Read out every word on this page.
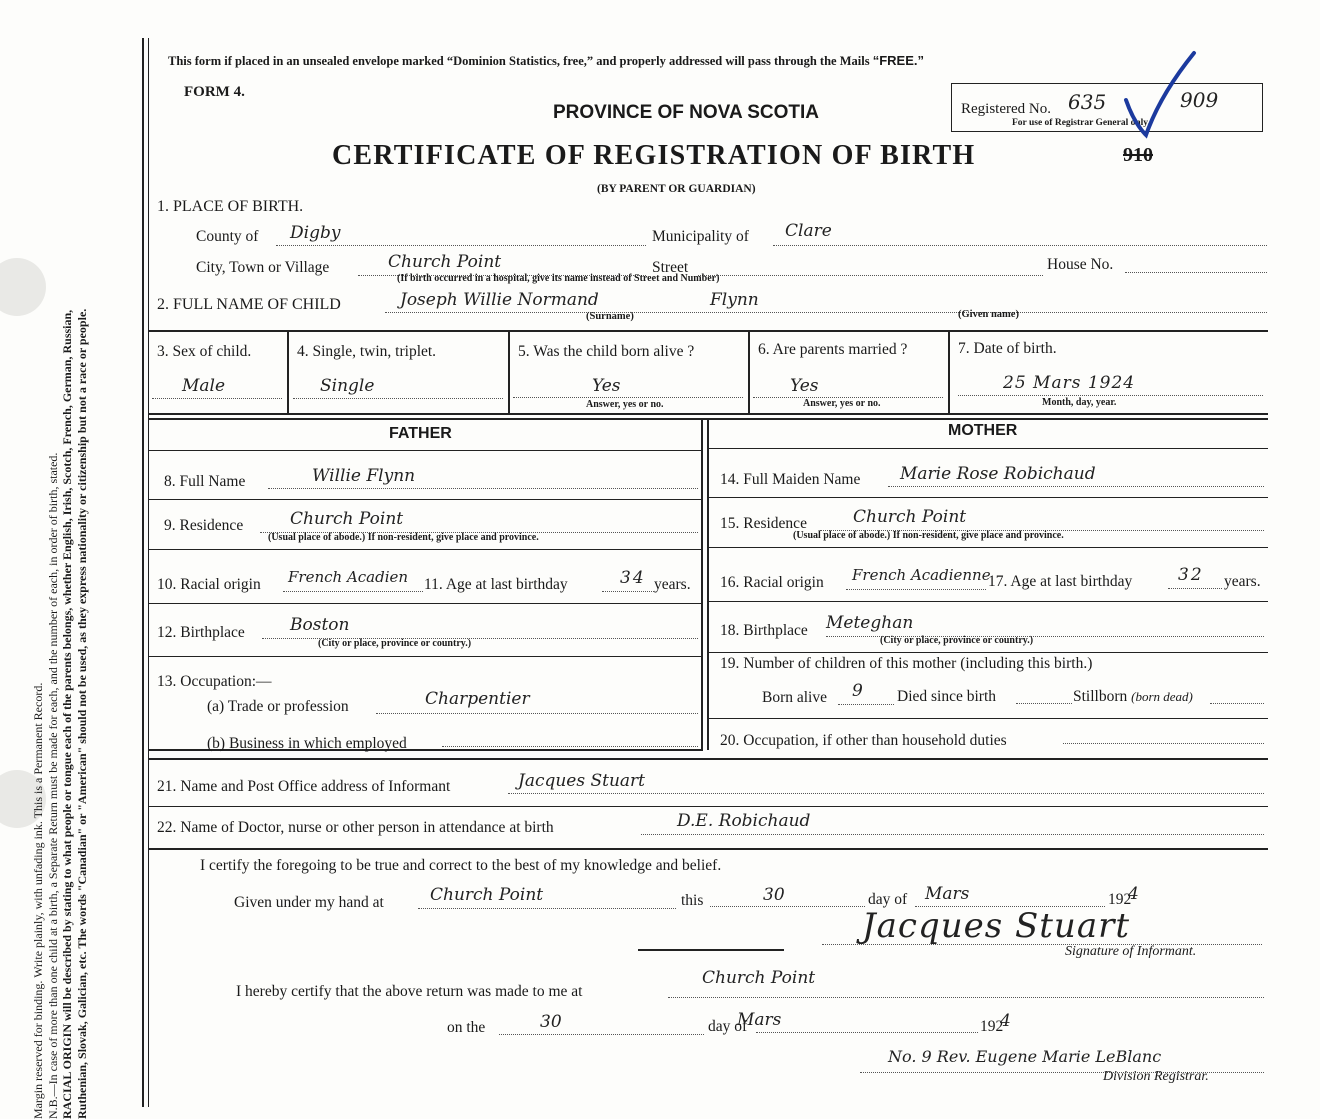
Margin reserved for binding. Write plainly, with unfading ink. This is a Permanent Record. N.B.—In case of more than one child at a birth, a Separate Return must be made for each, and the number of each, in order of birth, stated. RACIAL ORIGIN will be described by stating to what people or tongue each of the parents belongs, whether English, Irish, Scotch, French, German, Russian, Ruthenian, Slovak, Galician, etc. The words "Canadian" or "American" should not be used, as they express nationality or citizenship but not a race or people.
This form if placed in an unsealed envelope marked “Dominion Statistics, free,” and properly addressed will pass through the Mails “FREE.”
FORM 4.
PROVINCE OF NOVA SCOTIA
CERTIFICATE OF REGISTRATION OF BIRTH
(BY PARENT OR GUARDIAN)
Registered No. 635	909
For use of Registrar General only.
910
1. PLACE OF BIRTH.
County of Digby	Municipality of Clare
City, Town or Village	Church Point	Street	House No.
(If birth occurred in a hospital, give its name instead of Street and Number)
2. FULL NAME OF CHILD	Joseph Willie Normand	Flynn
(Surname)	(Given name)
3. Sex of child.
Male
4. Single, twin, triplet.
Single
5. Was the child born alive ?
Yes
Answer, yes or no.
6. Are parents married ?
Yes
Answer, yes or no.
7. Date of birth.
25 Mars 1924
Month, day, year.
FATHER
8. Full Name	Willie Flynn
9. Residence	Church Point
(Usual place of abode.) If non-resident, give place and province.
10. Racial origin French Acadien 11. Age at last birthday	34 years.
12. Birthplace	Boston
(City or place, province or country.)
13. Occupation:—
(a) Trade or profession	Charpentier
(b) Business in which employed
MOTHER
14. Full Maiden Name Marie Rose Robichaud
15. Residence	Church Point
(Usual place of abode.) If non-resident, give place and province.
16. Racial origin French Acadienne
17. Age at last birthday	32 years.
18. Birthplace Meteghan
(City or place, province or country.)
19. Number of children of this mother (including this birth.)
Born alive 9 Died since birth	Stillborn (born dead)
20. Occupation, if other than household duties
21. Name and Post Office address of Informant	Jacques Stuart
22. Name of Doctor, nurse or other person in attendance at birth	D.E. Robichaud
I certify the foregoing to be true and correct to the best of my knowledge and belief.
Given under my hand at	Church Point	this	30	day of Mars	192
4
Jacques Stuart
Signature of Informant.
I hereby certify that the above return was made to me at
Church Point
on the	30	day of
Mars	192
4
No. 9 Rev. Eugene Marie LeBlanc
Division Registrar.
